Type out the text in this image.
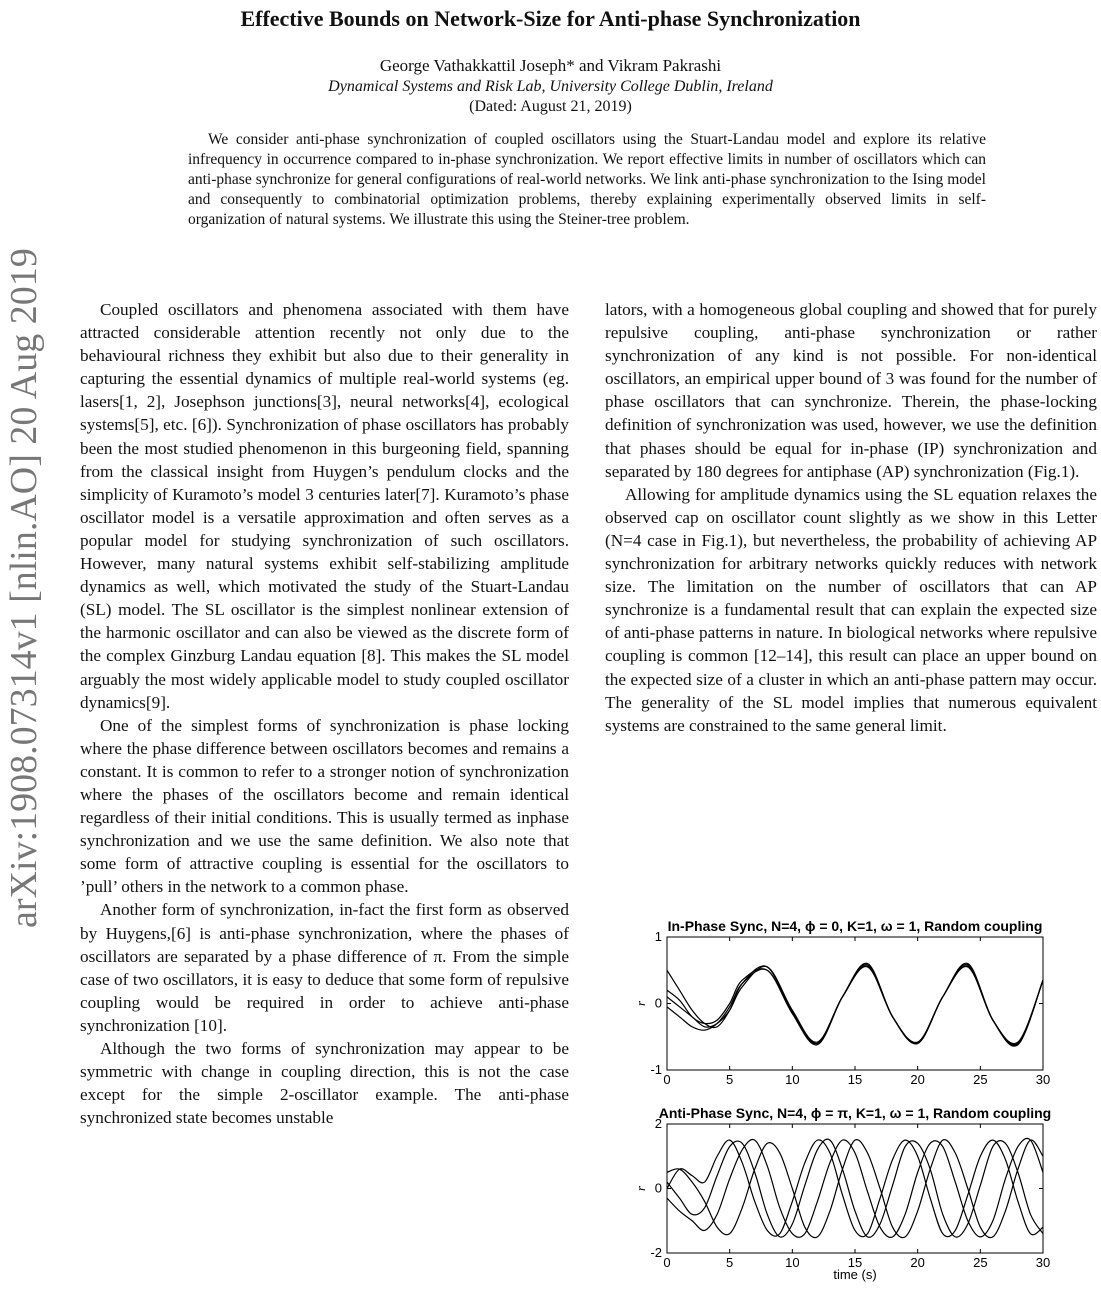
arXiv:1908.07314v1 [nlin.AO] 20 Aug 2019
Effective Bounds on Network-Size for Anti-phase Synchronization
George Vathakkattil Joseph* and Vikram Pakrashi
Dynamical Systems and Risk Lab, University College Dublin, Ireland
(Dated: August 21, 2019)

We consider anti-phase synchronization of coupled oscillators using the Stuart-Landau model and explore its relative infrequency in occurrence compared to in-phase synchronization. We report effective limits in number of oscillators which can anti-phase synchronize for general configurations of real-world networks. We link anti-phase synchronization to the Ising model and consequently to combinatorial optimization problems, thereby explaining experimentally observed limits in self-organization of natural systems. We illustrate this using the Steiner-tree problem.

Coupled oscillators and phenomena associated with them have attracted considerable attention recently not only due to the behavioural richness they exhibit but also due to their generality in capturing the essential dynamics of multiple real-world systems (eg. lasers[1, 2], Josephson junctions[3], neural networks[4], ecological systems[5], etc. [6]). Synchronization of phase oscillators has probably been the most studied phenomenon in this burgeoning field, spanning from the classical insight from Huygen’s pendulum clocks and the simplicity of Kuramoto’s model 3 centuries later[7]. Kuramoto’s phase oscillator model is a versatile approximation and often serves as a popular model for studying synchronization of such oscillators. However, many natural systems exhibit self-stabilizing amplitude dynamics as well, which motivated the study of the Stuart-Landau (SL) model. The SL oscillator is the simplest nonlinear extension of the harmonic oscillator and can also be viewed as the discrete form of the complex Ginzburg Landau equation [8]. This makes the SL model arguably the most widely applicable model to study coupled oscillator dynamics[9].

One of the simplest forms of synchronization is phase locking where the phase difference between oscillators becomes and remains a constant. It is common to refer to a stronger notion of synchronization where the phases of the oscillators become and remain identical regardless of their initial conditions. This is usually termed as inphase synchronization and we use the same definition. We also note that some form of attractive coupling is essential for the oscillators to ’pull’ others in the network to a common phase.

Another form of synchronization, in-fact the first form as observed by Huygens,[6] is anti-phase synchronization, where the phases of oscillators are separated by a phase difference of π. From the simple case of two oscillators, it is easy to deduce that some form of repulsive coupling would be required in order to achieve anti-phase synchronization [10].

Although the two forms of synchronization may appear to be symmetric with change in coupling direction, this is not the case except for the simple 2-oscillator example. The anti-phase synchronized state becomes unstable

lators, with a homogeneous global coupling and showed that for purely repulsive coupling, anti-phase synchronization or rather synchronization of any kind is not possible. For non-identical oscillators, an empirical upper bound of 3 was found for the number of phase oscillators that can synchronize. Therein, the phase-locking definition of synchronization was used, however, we use the definition that phases should be equal for in-phase (IP) synchronization and separated by 180 degrees for antiphase (AP) synchronization (Fig.1).

Allowing for amplitude dynamics using the SL equation relaxes the observed cap on oscillator count slightly as we show in this Letter (N=4 case in Fig.1), but nevertheless, the probability of achieving AP synchronization for arbitrary networks quickly reduces with network size. The limitation on the number of oscillators that can AP synchronize is a fundamental result that can explain the expected size of anti-phase patterns in nature. In biological networks where repulsive coupling is common [12–14], this result can place an upper bound on the expected size of a cluster in which an anti-phase pattern may occur. The generality of the SL model implies that numerous equivalent systems are constrained to the same general limit.

In-Phase Sync, N=4, ϕ = 0, K=1, ω = 1, Random coupling
0	5	10	15	20	25	30
-1
0
1
r
Anti-Phase Sync, N=4, ϕ = π, K=1, ω = 1, Random coupling
0	5	10	15	20	25	30
-2
0
2
r
time (s)
